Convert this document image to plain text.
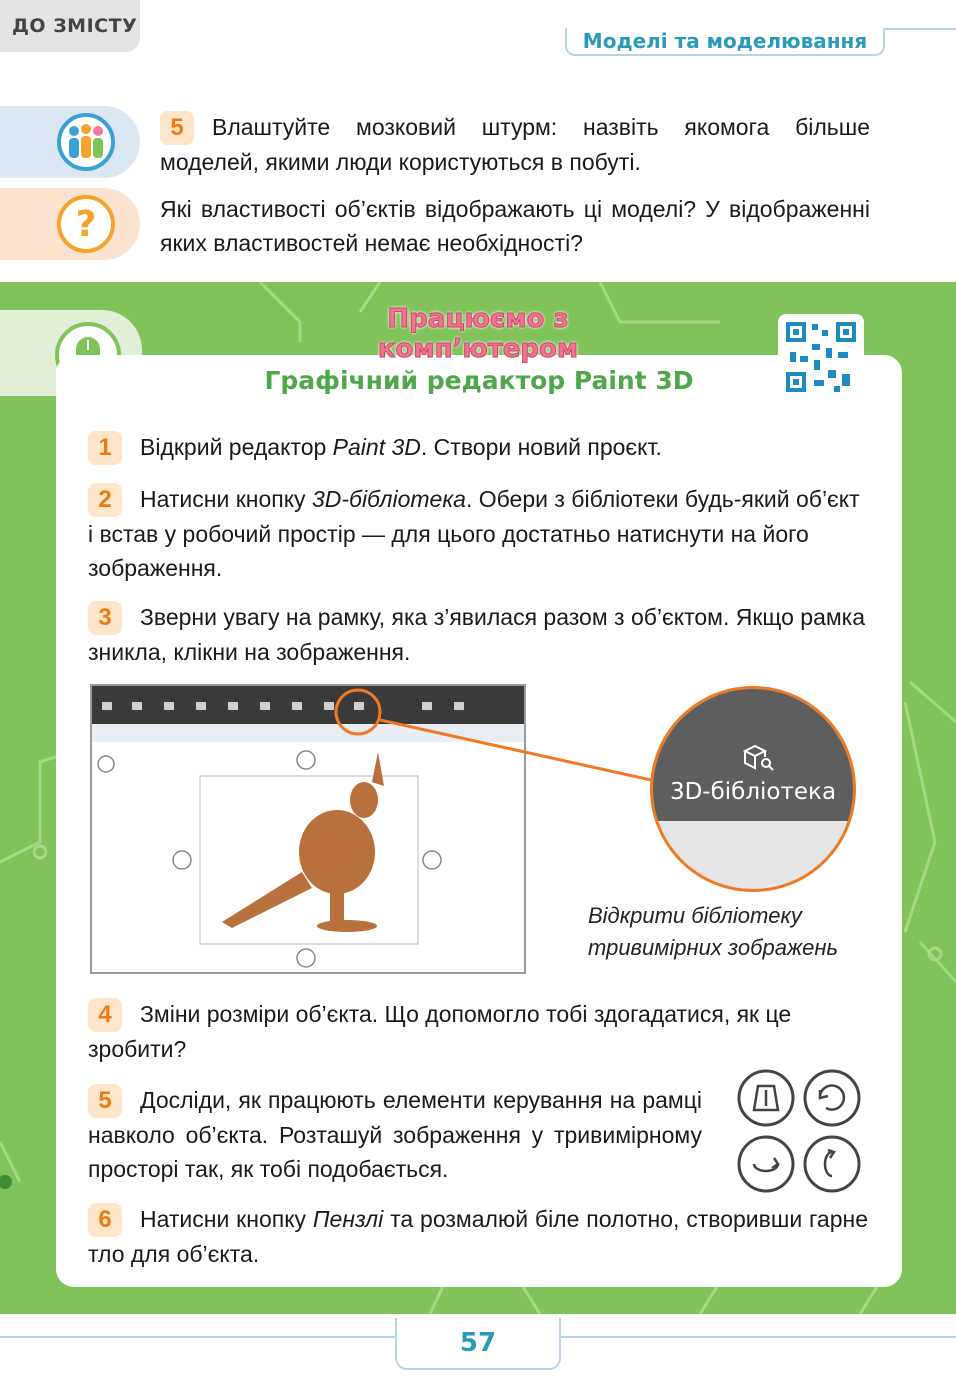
ДО ЗМІСТУ
Моделі та моделювання
?
5 Влаштуйте мозковий штурм: назвіть якомога більше моделей, якими люди користуються в побуті.
Які властивості об’єктів відображають ці моделі? У відображенні яких властивостей немає необхідності?
Працюємо з комп’ютером
Графічний редактор Paint 3D
1 Відкрий редактор Paint 3D. Створи новий проєкт.
2 Натисни кнопку 3D-бібліотека. Обери з бібліотеки будь-який об’єкт і встав у робочий простір — для цього достатньо натиснути на його зображення.
3 Зверни увагу на рамку, яка з’явилася разом з об’єктом. Якщо рамка зникла, клікни на зображення.
3D-бібліотека
Відкрити бібліотеку
тривимірних зображень
4 Зміни розміри об’єкта. Що допомогло тобі здогадатися, як це зробити?
5 Досліди, як працюють елементи керування на рамці навколо об’єкта. Розташуй зображення у тривимірному просторі так, як тобі подобається.
6 Натисни кнопку Пензлі та розмалюй біле полотно, створивши гарне тло для об’єкта.
57
